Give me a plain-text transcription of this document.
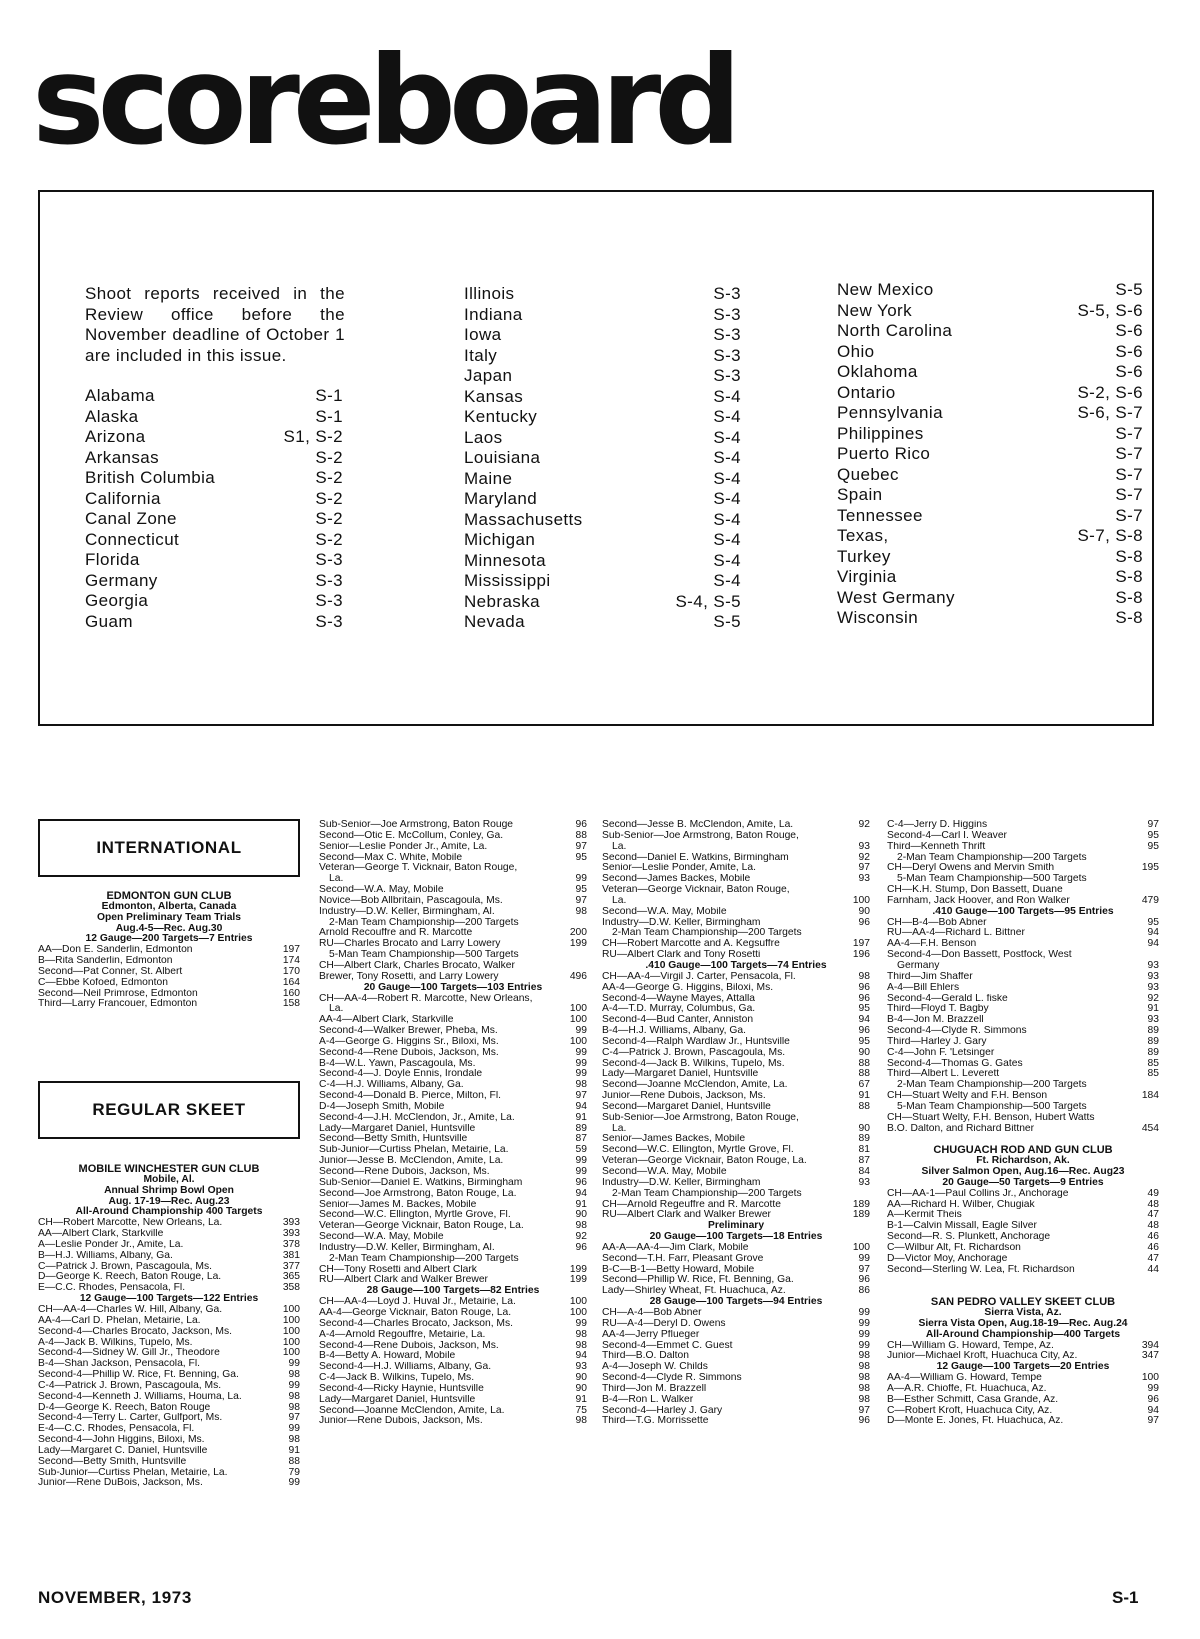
scoreboard
Shoot reports received in the Review office before the November deadline of October 1 are included in this issue.
Alabama	S-1
Alaska	S-1
Arizona	S1, S-2
Arkansas	S-2
British Columbia	S-2
California	S-2
Canal Zone	S-2
Connecticut	S-2
Florida	S-3
Germany	S-3
Georgia	S-3
Guam	S-3
Illinois	S-3
Indiana	S-3
Iowa	S-3
Italy	S-3
Japan	S-3
Kansas	S-4
Kentucky	S-4
Laos	S-4
Louisiana	S-4
Maine	S-4
Maryland	S-4
Massachusetts	S-4
Michigan	S-4
Minnesota	S-4
Mississippi	S-4
Nebraska	S-4, S-5
Nevada	S-5
New Mexico	S-5
New York	S-5, S-6
North Carolina	S-6
Ohio	S-6
Oklahoma	S-6
Ontario	S-2, S-6
Pennsylvania	S-6, S-7
Philippines	S-7
Puerto Rico	S-7
Quebec	S-7
Spain	S-7
Tennessee	S-7
Texas,	S-7, S-8
Turkey	S-8
Virginia	S-8
West Germany	S-8
Wisconsin	S-8
INTERNATIONAL
EDMONTON GUN CLUB
Edmonton, Alberta, Canada
Open Preliminary Team Trials
Aug.4-5—Rec. Aug.30
12 Gauge—200 Targets—7 Entries
AA—Don E. Sanderlin, Edmonton	197
B—Rita Sanderlin, Edmonton	174
Second—Pat Conner, St. Albert	170
C—Ebbe Kofoed, Edmonton	164
Second—Neil Primrose, Edmonton	160
Third—Larry Francouer, Edmonton	158
REGULAR SKEET
MOBILE WINCHESTER GUN CLUB
Mobile, Al.
Annual Shrimp Bowl Open
Aug. 17-19—Rec. Aug.23
All-Around Championship 400 Targets
CH—Robert Marcotte, New Orleans, La.	393
AA—Albert Clark, Starkville	393
A—Leslie Ponder Jr., Amite, La.	378
B—H.J. Williams, Albany, Ga.	381
C—Patrick J. Brown, Pascagoula, Ms.	377
D—George K. Reech, Baton Rouge, La.	365
E—C.C. Rhodes, Pensacola, Fl.	358
12 Gauge—100 Targets—122 Entries
CH—AA-4—Charles W. Hill, Albany, Ga.	100
AA-4—Carl D. Phelan, Metairie, La.	100
Second-4—Charles Brocato, Jackson, Ms.	100
A-4—Jack B. Wilkins, Tupelo, Ms.	100
Second-4—Sidney W. Gill Jr., Theodore	100
B-4—Shan Jackson, Pensacola, Fl.	99
Second-4—Phillip W. Rice, Ft. Benning, Ga.	98
C-4—Patrick J. Brown, Pascagoula, Ms.	99
Second-4—Kenneth J. Williams, Houma, La.	98
D-4—George K. Reech, Baton Rouge	98
Second-4—Terry L. Carter, Gulfport, Ms.	97
E-4—C.C. Rhodes, Pensacola, Fl.	99
Second-4—John Higgins, Biloxi, Ms.	98
Lady—Margaret C. Daniel, Huntsville	91
Second—Betty Smith, Huntsville	88
Sub-Junior—Curtiss Phelan, Metairie, La.	79
Junior—Rene DuBois, Jackson, Ms.	99
Sub-Senior—Joe Armstrong, Baton Rouge	96
Second—Otic E. McCollum, Conley, Ga.	88
Senior—Leslie Ponder Jr., Amite, La.	97
Second—Max C. White, Mobile	95
Veteran—George T. Vicknair, Baton Rouge,
La.	99
Second—W.A. May, Mobile	95
Novice—Bob Allbritain, Pascagoula, Ms.	97
Industry—D.W. Keller, Birmingham, Al.	98
2-Man Team Championship—200 Targets
Arnold Recouffre and R. Marcotte	200
RU—Charles Brocato and Larry Lowery	199
5-Man Team Championship—500 Targets
CH—Albert Clark, Charles Brocato, Walker
Brewer, Tony Rosetti, and Larry Lowery	496
20 Gauge—100 Targets—103 Entries
CH—AA-4—Robert R. Marcotte, New Orleans,
La.	100
AA-4—Albert Clark, Starkville	100
Second-4—Walker Brewer, Pheba, Ms.	99
A-4—George G. Higgins Sr., Biloxi, Ms.	100
Second-4—Rene Dubois, Jackson, Ms.	99
B-4—W.L. Yawn, Pascagoula, Ms.	99
Second-4—J. Doyle Ennis, Irondale	99
C-4—H.J. Williams, Albany, Ga.	98
Second-4—Donald B. Pierce, Milton, Fl.	97
D-4—Joseph Smith, Mobile	94
Second-4—J.H. McClendon, Jr., Amite, La.	91
Lady—Margaret Daniel, Huntsville	89
Second—Betty Smith, Huntsville	87
Sub-Junior—Curtiss Phelan, Metairie, La.	59
Junior—Jesse B. McClendon, Amite, La.	99
Second—Rene Dubois, Jackson, Ms.	99
Sub-Senior—Daniel E. Watkins, Birmingham	96
Second—Joe Armstrong, Baton Rouge, La.	94
Senior—James M. Backes, Mobile	91
Second—W.C. Ellington, Myrtle Grove, Fl.	90
Veteran—George Vicknair, Baton Rouge, La.	98
Second—W.A. May, Mobile	92
Industry—D.W. Keller, Birmingham, Al.	96
2-Man Team Championship—200 Targets
CH—Tony Rosetti and Albert Clark	199
RU—Albert Clark and Walker Brewer	199
28 Gauge—100 Targets—82 Entries
CH—AA-4—Loyd J. Huval Jr., Metairie, La.	100
AA-4—George Vicknair, Baton Rouge, La.	100
Second-4—Charles Brocato, Jackson, Ms.	99
A-4—Arnold Regouffre, Metairie, La.	98
Second-4—Rene Dubois, Jackson, Ms.	98
B-4—Betty A. Howard, Mobile	94
Second-4—H.J. Williams, Albany, Ga.	93
C-4—Jack B. Wilkins, Tupelo, Ms.	90
Second-4—Ricky Haynie, Huntsville	90
Lady—Margaret Daniel, Huntsville	91
Second—Joanne McClendon, Amite, La.	75
Junior—Rene Dubois, Jackson, Ms.	98
Second—Jesse B. McClendon, Amite, La.	92
Sub-Senior—Joe Armstrong, Baton Rouge,
La.	93
Second—Daniel E. Watkins, Birmingham	92
Senior—Leslie Ponder, Amite, La.	97
Second—James Backes, Mobile	93
Veteran—George Vicknair, Baton Rouge,
La.	100
Second—W.A. May, Mobile	90
Industry—D.W. Keller, Birmingham	96
2-Man Team Championship—200 Targets
CH—Robert Marcotte and A. Kegsuffre	197
RU—Albert Clark and Tony Rosetti	196
.410 Gauge—100 Targets—74 Entries
CH—AA-4—Virgil J. Carter, Pensacola, Fl.	98
AA-4—George G. Higgins, Biloxi, Ms.	96
Second-4—Wayne Mayes, Attalla	96
A-4—T.D. Murray, Columbus, Ga.	95
Second-4—Bud Canter, Anniston	94
B-4—H.J. Williams, Albany, Ga.	96
Second-4—Ralph Wardlaw Jr., Huntsville	95
C-4—Patrick J. Brown, Pascagoula, Ms.	90
Second-4—Jack B. Wilkins, Tupelo, Ms.	88
Lady—Margaret Daniel, Huntsville	88
Second—Joanne McClendon, Amite, La.	67
Junior—Rene Dubois, Jackson, Ms.	91
Second—Margaret Daniel, Huntsville	88
Sub-Senior—Joe Armstrong, Baton Rouge,
La.	90
Senior—James Backes, Mobile	89
Second—W.C. Ellington, Myrtle Grove, Fl.	81
Veteran—George Vicknair, Baton Rouge, La.	87
Second—W.A. May, Mobile	84
Industry—D.W. Keller, Birmingham	93
2-Man Team Championship—200 Targets
CH—Arnold Regeuffre and R. Marcotte	189
RU—Albert Clark and Walker Brewer	189
Preliminary
20 Gauge—100 Targets—18 Entries
AA-A—AA-4—Jim Clark, Mobile	100
Second—T.H. Farr, Pleasant Grove	99
B-C—B-1—Betty Howard, Mobile	97
Second—Phillip W. Rice, Ft. Benning, Ga.	96
Lady—Shirley Wheat, Ft. Huachuca, Az.	86
28 Gauge—100 Targets—94 Entries
CH—A-4—Bob Abner	99
RU—A-4—Deryl D. Owens	99
AA-4—Jerry Pflueger	99
Second-4—Emmet C. Guest	99
Third—B.O. Dalton	98
A-4—Joseph W. Childs	98
Second-4—Clyde R. Simmons	98
Third—Jon M. Brazzell	98
B-4—Ron L. Walker	98
Second-4—Harley J. Gary	97
Third—T.G. Morrissette	96
C-4—Jerry D. Higgins	97
Second-4—Carl I. Weaver	95
Third—Kenneth Thrift	95
2-Man Team Championship—200 Targets
CH—Deryl Owens and Mervin Smith	195
5-Man Team Championship—500 Targets
CH—K.H. Stump, Don Bassett, Duane
Farnham, Jack Hoover, and Ron Walker	479
.410 Gauge—100 Targets—95 Entries
CH—B-4—Bob Abner	95
RU—AA-4—Richard L. Bittner	94
AA-4—F.H. Benson	94
Second-4—Don Bassett, Postfock, West
Germany	93
Third—Jim Shaffer	93
A-4—Bill Ehlers	93
Second-4—Gerald L. fiske	92
Third—Floyd T. Bagby	91
B-4—Jon M. Brazzell	93
Second-4—Clyde R. Simmons	89
Third—Harley J. Gary	89
C-4—John F. 'Letsinger	89
Second-4—Thomas G. Gates	85
Third—Albert L. Leverett	85
2-Man Team Championship—200 Targets
CH—Stuart Welty and F.H. Benson	184
5-Man Team Championship—500 Targets
CH—Stuart Welty, F.H. Benson, Hubert Watts
B.O. Dalton, and Richard Bittner	454
CHUGUACH ROD AND GUN CLUB
Ft. Richardson, Ak.
Silver Salmon Open, Aug.16—Rec. Aug23
20 Gauge—50 Targets—9 Entries
CH—AA-1—Paul Collins Jr., Anchorage	49
AA—Richard H. Wilber, Chugiak	48
A—Kermit Theis	47
B-1—Calvin Missall, Eagle Silver	48
Second—R. S. Plunkett, Anchorage	46
C—Wilbur Alt, Ft. Richardson	46
D—Victor Moy, Anchorage	47
Second—Sterling W. Lea, Ft. Richardson	44
SAN PEDRO VALLEY SKEET CLUB
Sierra Vista, Az.
Sierra Vista Open, Aug.18-19—Rec. Aug.24
All-Around Championship—400 Targets
CH—William G. Howard, Tempe, Az.	394
Junior—Michael Kroft, Huachuca City, Az.	347
12 Gauge—100 Targets—20 Entries
AA-4—William G. Howard, Tempe	100
A—A.R. Chioffe, Ft. Huachuca, Az.	99
B—Esther Schmitt, Casa Grande, Az.	96
C—Robert Kroft, Huachuca City, Az.	94
D—Monte E. Jones, Ft. Huachuca, Az.	97
NOVEMBER, 1973	S-1
